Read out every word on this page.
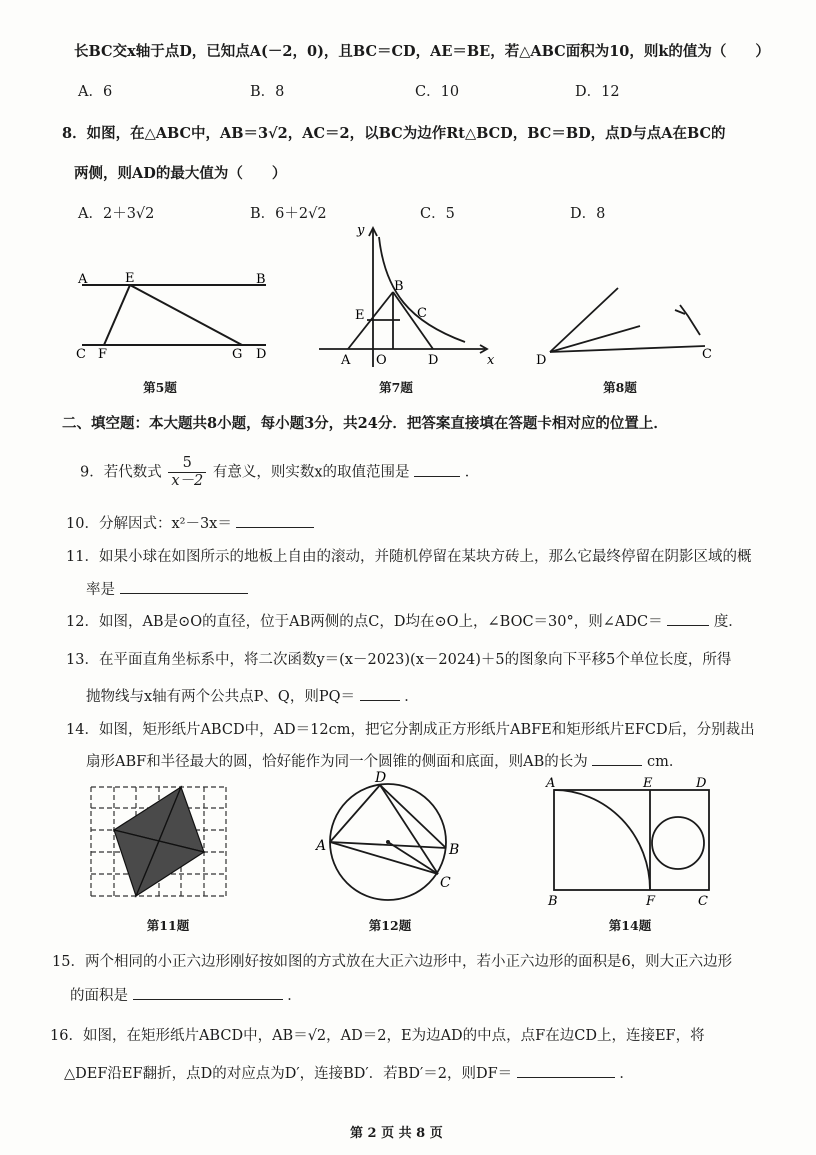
长BC交x轴于点D，已知点A(－2，0)，且BC＝CD，AE＝BE，若△ABC面积为10，则k的值为（　　）
A．6	B．8	C．10	D．12
8．如图，在△ABC中，AB＝3√2，AC＝2，以BC为边作Rt△BCD，BC＝BD，点D与点A在BC的
两侧，则AD的最大值为（　　）
A．2＋3√2	B．6＋2√2	C．5	D．8
A	E	B
C F	G D
第5题
y
x
B
E	C
A O	D
第7题
D	C
第8题
二、填空题：本大题共8小题，每小题3分，共24分．把答案直接填在答题卡相对应的位置上．
9．若代数式 $\frac{5}{x-2}$ 有意义，则实数x的取值范围是	．
10．分解因式：x²－3x＝
11．如果小球在如图所示的地板上自由的滚动，并随机停留在某块方砖上，那么它最终停留在阴影区域的概
率是
12．如图，AB是⊙O的直径，位于AB两侧的点C，D均在⊙O上，∠BOC＝30°，则∠ADC＝	度．
13．在平面直角坐标系中，将二次函数y＝(x－2023)(x－2024)＋5的图象向下平移5个单位长度，所得
抛物线与x轴有两个公共点P、Q，则PQ＝	．
14．如图，矩形纸片ABCD中，AD＝12cm，把它分割成正方形纸片ABFE和矩形纸片EFCD后，分别裁出
扇形ABF和半径最大的圆，恰好能作为同一个圆锥的侧面和底面，则AB的长为	cm．
第11题
D
A	B
C
第12题
A	E	D
B	F	C
第14题
15．两个相同的小正六边形刚好按如图的方式放在大正六边形中，若小正六边形的面积是6，则大正六边形
的面积是	．
16．如图，在矩形纸片ABCD中，AB＝√2，AD＝2，E为边AD的中点，点F在边CD上，连接EF，将
△DEF沿EF翻折，点D的对应点为D′，连接BD′．若BD′＝2，则DF＝	．
第 2 页 共 8 页
